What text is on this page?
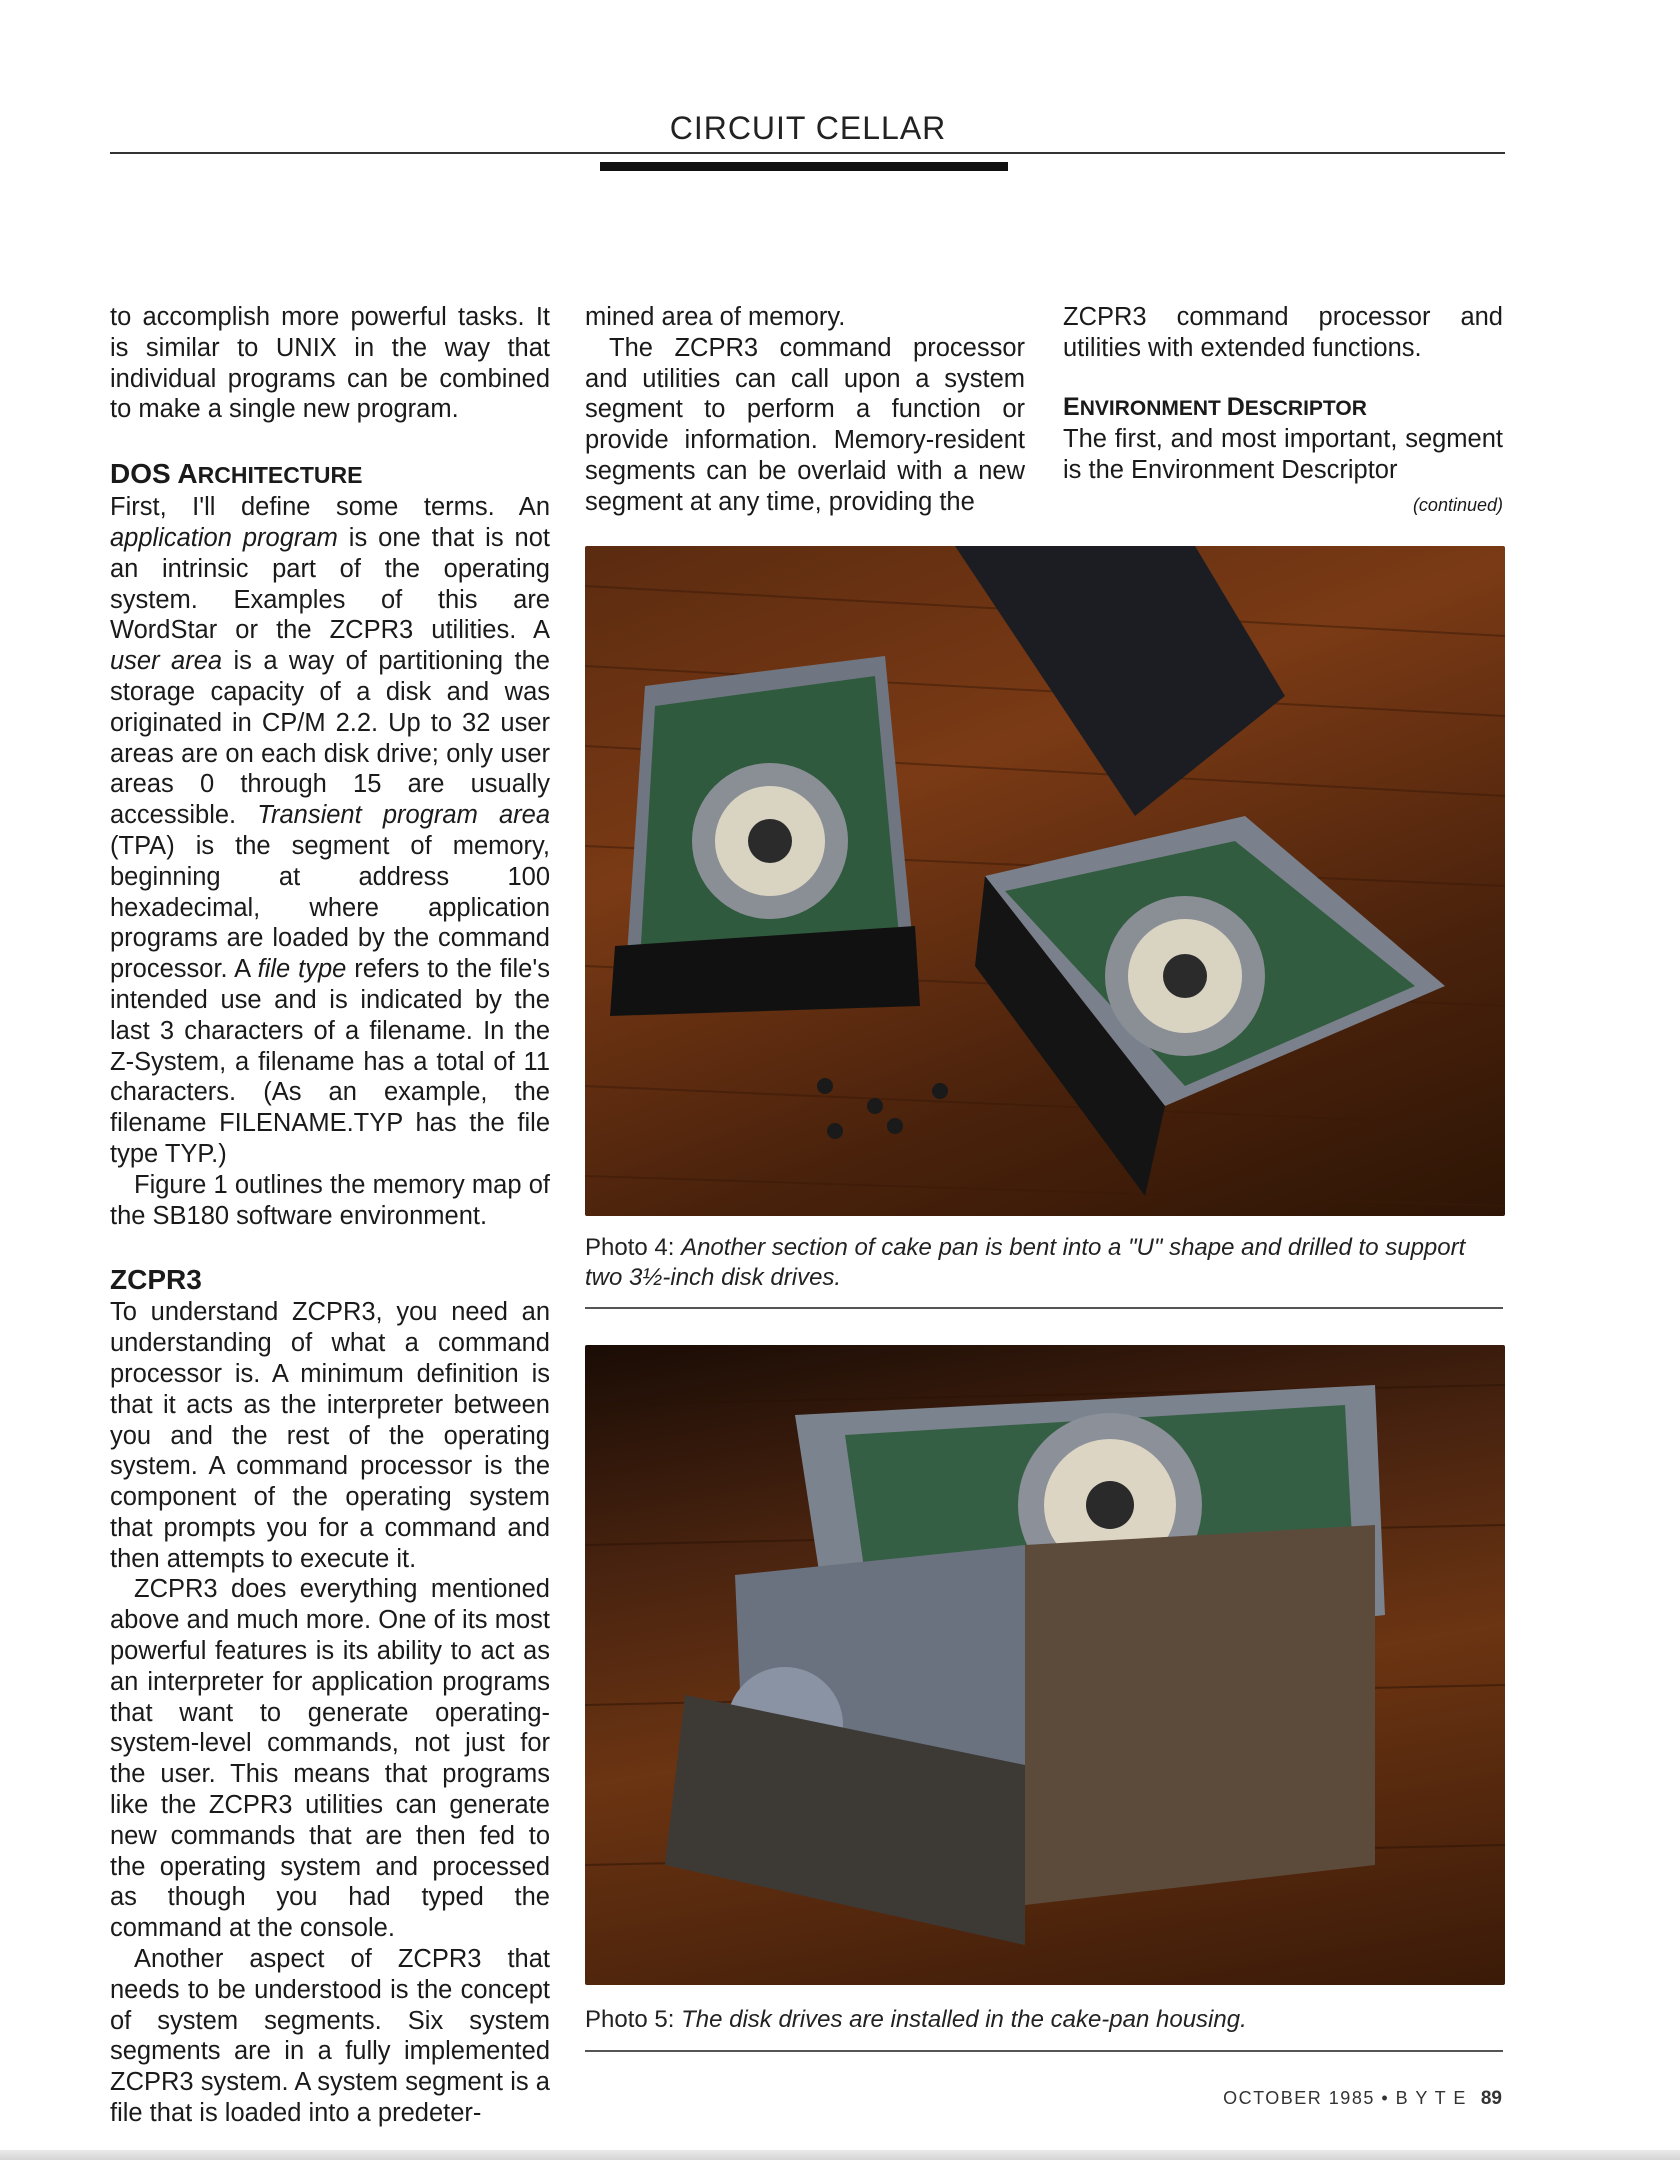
CIRCUIT CELLAR

to accomplish more powerful tasks. It is similar to UNIX in the way that individual programs can be combined to make a single new program.

DOS ARCHITECTURE

First, I'll define some terms. An application program is one that is not an intrinsic part of the operating system. Examples of this are WordStar or the ZCPR3 utilities. A user area is a way of partitioning the storage capacity of a disk and was originated in CP/M 2.2. Up to 32 user areas are on each disk drive; only user areas 0 through 15 are usually accessible. Transient program area (TPA) is the segment of memory, beginning at address 100 hexadecimal, where application programs are loaded by the command processor. A file type refers to the file's intended use and is indicated by the last 3 characters of a filename. In the Z-System, a filename has a total of 11 characters. (As an example, the filename FILENAME.TYP has the file type TYP.)

Figure 1 outlines the memory map of the SB180 software environment.

ZCPR3

To understand ZCPR3, you need an understanding of what a command processor is. A minimum definition is that it acts as the interpreter between you and the rest of the operating system. A command processor is the component of the operating system that prompts you for a command and then attempts to execute it.

ZCPR3 does everything mentioned above and much more. One of its most powerful features is its ability to act as an interpreter for application programs that want to generate operating-system-level commands, not just for the user. This means that programs like the ZCPR3 utilities can generate new commands that are then fed to the operating system and processed as though you had typed the command at the console.

Another aspect of ZCPR3 that needs to be understood is the concept of system segments. Six system segments are in a fully implemented ZCPR3 system. A system segment is a file that is loaded into a predeter-

mined area of memory.

The ZCPR3 command processor and utilities can call upon a system segment to perform a function or provide information. Memory-resident segments can be overlaid with a new segment at any time, providing the

ZCPR3 command processor and utilities with extended functions.

ENVIRONMENT DESCRIPTOR

The first, and most important, segment is the Environment Descriptor

(continued)
Photo 4: Another section of cake pan is bent into a "U" shape and drilled to support two 3½-inch disk drives.
Photo 5: The disk drives are installed in the cake-pan housing.
OCTOBER 1985 • B Y T E 89
